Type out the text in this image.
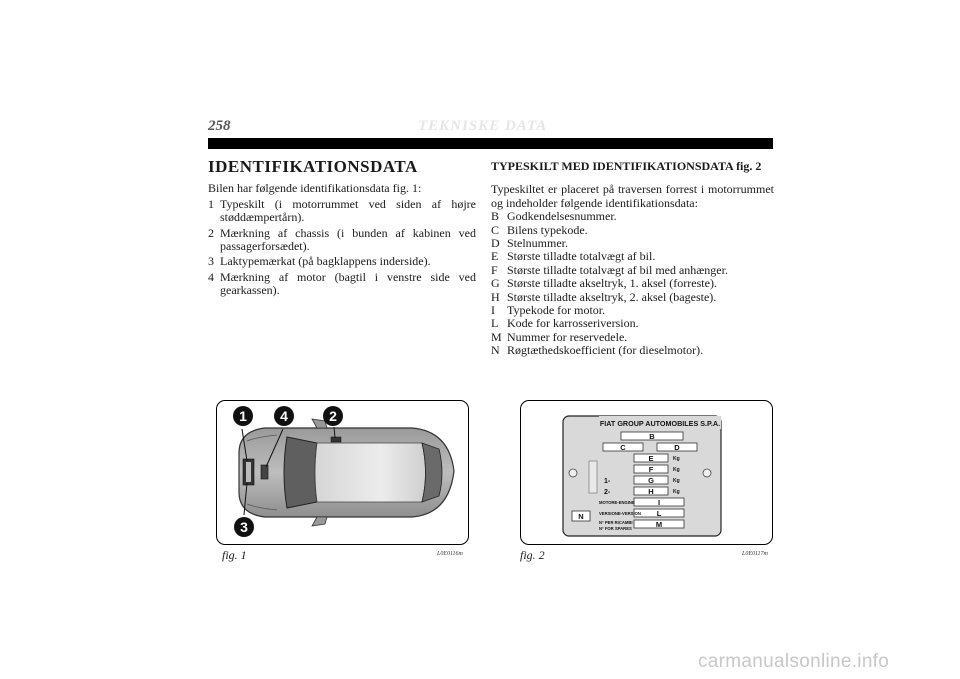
258	TEKNISKE DATA
IDENTIFIKATIONSDATA

Bilen har følgende identifikationsdata fig. 1:

1 Typeskilt (i motorrummet ved siden af højre støddæmpertårn).
2 Mærkning af chassis (i bunden af kabinen ved passagerforsædet).
3 Laktypemærkat (på bagklappens inderside).
4 Mærkning af motor (bagtil i venstre side ved gearkassen).
TYPESKILT MED IDENTIFIKATIONSDATA fig. 2

Typeskiltet er placeret på traversen forrest i motorrummet og indeholder følgende identifikationsdata:

B Godkendelsesnummer.
C Bilens typekode.
D Stelnummer.
E Største tilladte totalvægt af bil.
F Største tilladte totalvægt af bil med anhænger.
G Største tilladte akseltryk, 1. aksel (forreste).
H Største tilladte akseltryk, 2. aksel (bageste).
I Typekode for motor.
L Kode for karrosseriversion.
M Nummer for reservedele.
N Røgtæthedskoefficient (for dieselmotor).
1 4	2
3
fig. 1	L0E0116m
FIAT GROUP AUTOMOBILES S.P.A.
B
C	D
E
F
G
H
I
L
M
N
Kg
Kg
Kg
Kg
1-
2-
MOTORE-ENGINE
VERSIONE-VERSION
N° PER RICAMBI
N° FOR SPARES
fig. 2	L0E0117m
carmanualsonline.info
